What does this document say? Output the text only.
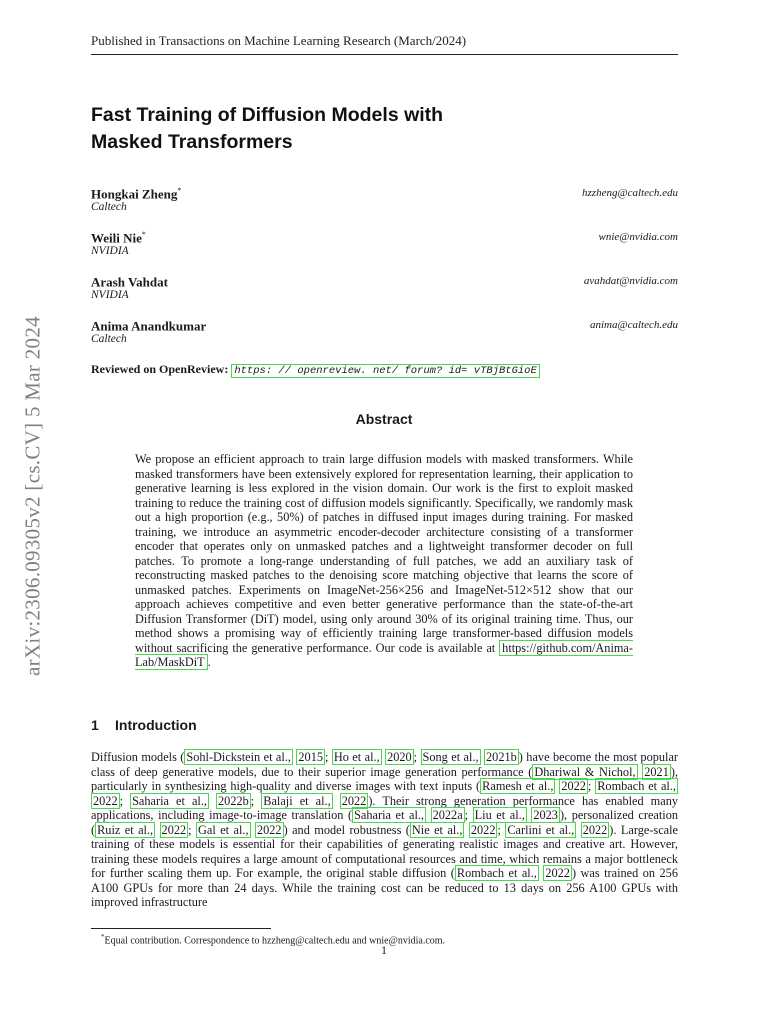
arXiv:2306.09305v2 [cs.CV] 5 Mar 2024
Published in Transactions on Machine Learning Research (March/2024)
Fast Training of Diffusion Models with
Masked Transformers
Hongkai Zheng*
Caltech
hzzheng@caltech.edu
Weili Nie*
NVIDIA
wnie@nvidia.com
Arash Vahdat
NVIDIA
avahdat@nvidia.com
Anima Anandkumar
Caltech
anima@caltech.edu
Reviewed on OpenReview: https: // openreview. net/ forum? id= vTBjBtGioE
Abstract
We propose an efficient approach to train large diffusion models with masked transformers. While masked transformers have been extensively explored for representation learning, their application to generative learning is less explored in the vision domain. Our work is the first to exploit masked training to reduce the training cost of diffusion models significantly. Specifically, we randomly mask out a high proportion (e.g., 50%) of patches in diffused input images during training. For masked training, we introduce an asymmetric encoder-decoder architecture consisting of a transformer encoder that operates only on unmasked patches and a lightweight transformer decoder on full patches. To promote a long-range understanding of full patches, we add an auxiliary task of reconstructing masked patches to the denoising score matching objective that learns the score of unmasked patches. Experiments on ImageNet-256×256 and ImageNet-512×512 show that our approach achieves competitive and even better generative performance than the state-of-the-art Diffusion Transformer (DiT) model, using only around 30% of its original training time. Thus, our method shows a promising way of efficiently training large transformer-based diffusion models without sacrificing the generative performance. Our code is available at https://github.com/Anima-Lab/MaskDiT .
1 Introduction
Diffusion models ( Sohl-Dickstein et al., 2015 ; Ho et al., 2020 ; Song et al., 2021b ) have become the most popular class of deep generative models, due to their superior image generation performance ( Dhariwal & Nichol, 2021 ), particularly in synthesizing high-quality and diverse images with text inputs ( Ramesh et al., 2022 ; Rombach et al., 2022 ; Saharia et al., 2022b ; Balaji et al., 2022 ). Their strong generation performance has enabled many applications, including image-to-image translation ( Saharia et al., 2022a ; Liu et al., 2023 ), personalized creation ( Ruiz et al., 2022 ; Gal et al., 2022 ) and model robustness ( Nie et al., 2022 ; Carlini et al., 2022 ). Large-scale training of these models is essential for their capabilities of generating realistic images and creative art. However, training these models requires a large amount of computational resources and time, which remains a major bottleneck for further scaling them up. For example, the original stable diffusion ( Rombach et al., 2022 ) was trained on 256 A100 GPUs for more than 24 days. While the training cost can be reduced to 13 days on 256 A100 GPUs with improved infrastructure
*Equal contribution. Correspondence to hzzheng@caltech.edu and wnie@nvidia.com.
1
